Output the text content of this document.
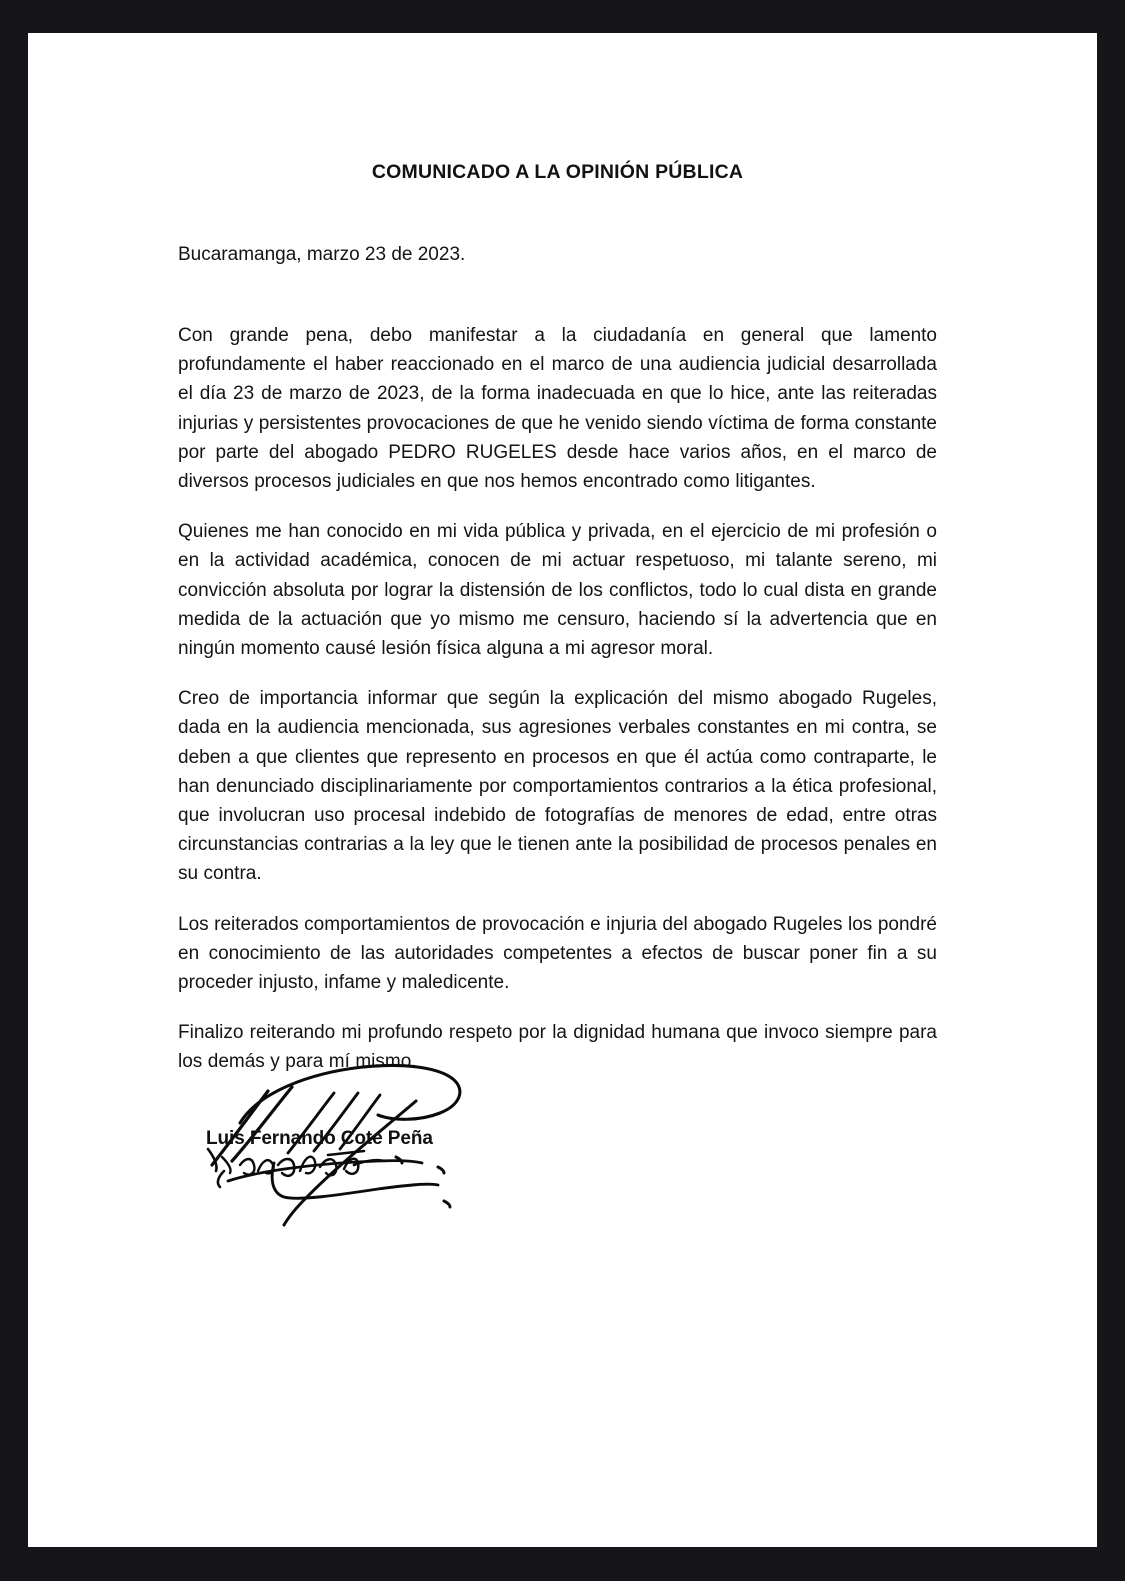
COMUNICADO A LA OPINIÓN PÚBLICA
Bucaramanga, marzo 23 de 2023.

Con grande pena, debo manifestar a la ciudadanía en general que lamento profundamente el haber reaccionado en el marco de una audiencia judicial desarrollada el día 23 de marzo de 2023, de la forma inadecuada en que lo hice, ante las reiteradas injurias y persistentes provocaciones de que he venido siendo víctima de forma constante por parte del abogado PEDRO RUGELES desde hace varios años, en el marco de diversos procesos judiciales en que nos hemos encontrado como litigantes.

Quienes me han conocido en mi vida pública y privada, en el ejercicio de mi profesión o en la actividad académica, conocen de mi actuar respetuoso, mi talante sereno, mi convicción absoluta por lograr la distensión de los conflictos, todo lo cual dista en grande medida de la actuación que yo mismo me censuro, haciendo sí la advertencia que en ningún momento causé lesión física alguna a mi agresor moral.

Creo de importancia informar que según la explicación del mismo abogado Rugeles, dada en la audiencia mencionada, sus agresiones verbales constantes en mi contra, se deben a que clientes que represento en procesos en que él actúa como contraparte, le han denunciado disciplinariamente por comportamientos contrarios a la ética profesional, que involucran uso procesal indebido de fotografías de menores de edad, entre otras circunstancias contrarias a la ley que le tienen ante la posibilidad de procesos penales en su contra.

Los reiterados comportamientos de provocación e injuria del abogado Rugeles los pondré en conocimiento de las autoridades competentes a efectos de buscar poner fin a su proceder injusto, infame y maledicente.

Finalizo reiterando mi profundo respeto por la dignidad humana que invoco siempre para los demás y para mí mismo.

Luis Fernando Cote Peña
